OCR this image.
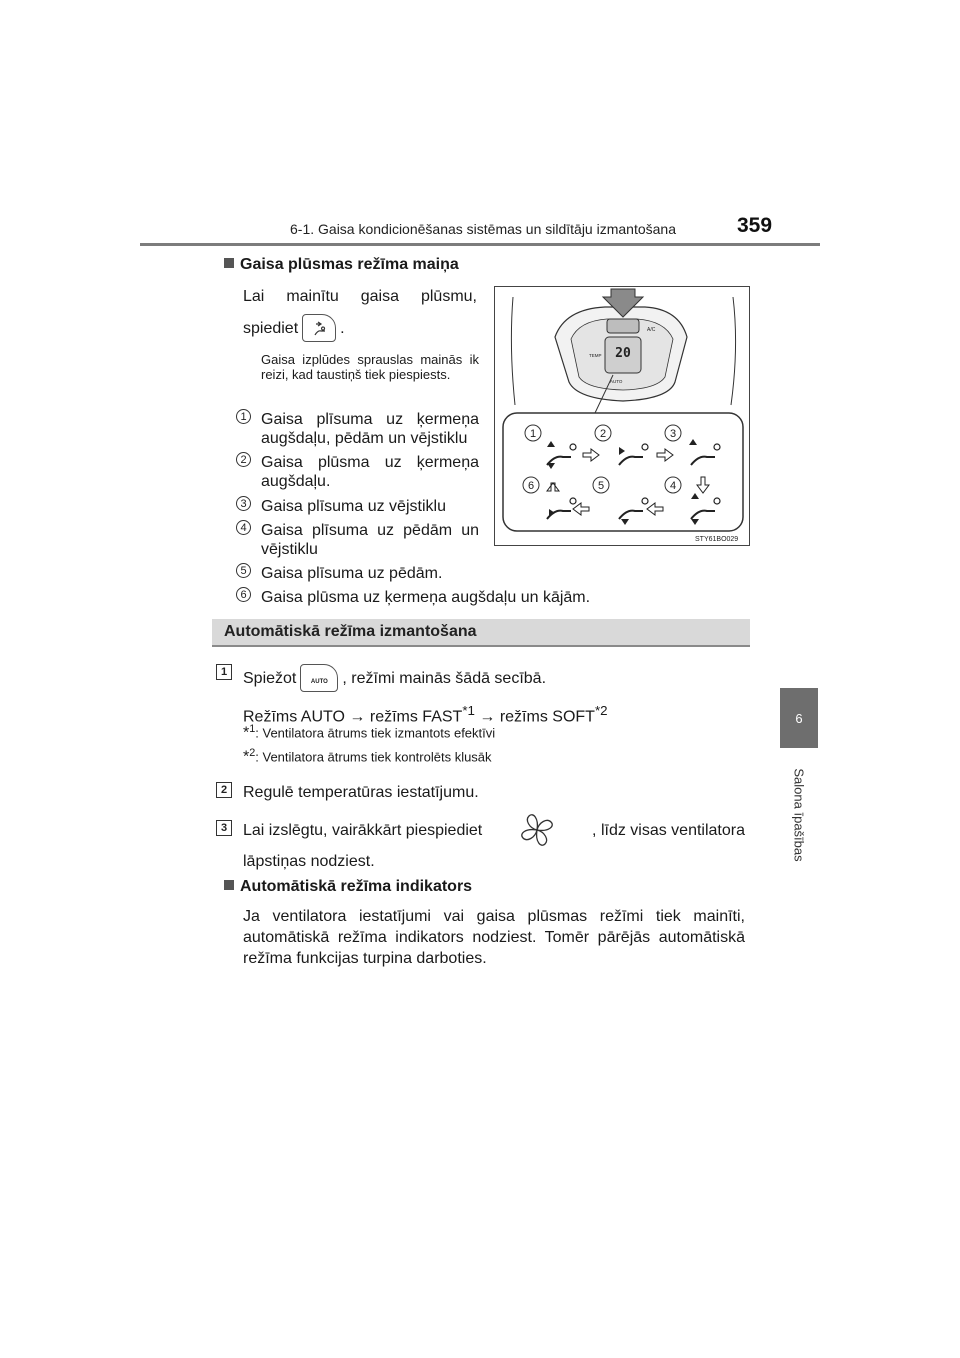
6-1. Gaisa kondicionēšanas sistēmas un sildītāju izmantošana	359
6
Salona īpašības
Gaisa plūsmas režīma maiņa
Lai mainītu gaisa plūsmu,
spiediet	.
Gaisa izplūdes sprauslas mainās ik reizi, kad taustiņš tiek piespiests.
1 Gaisa plīsuma uz ķermeņa augšdaļu, pēdām un vējstiklu
2 Gaisa plūsma uz ķermeņa augšdaļu.
3 Gaisa plīsuma uz vējstiklu
4 Gaisa plīsuma uz pēdām un vējstiklu
5 Gaisa plīsuma uz pēdām.
6 Gaisa plūsma uz ķermeņa augšdaļu un kājām.
20
A/C
TEMP
AUTO
1	2	3
6	5	4
STY61BO029
Automātiskā režīma izmantošana
1 Spiežot	AUTO , režīmi mainās šādā secībā.
Režīms AUTO → režīms $FAST^{*1}$ → režīms SOFT$^{*2}$
*$^1$: Ventilatora ātrums tiek izmantots efektīvi
*$^2$: Ventilatora ātrums tiek kontrolēts klusāk
2 Regulē temperatūras iestatījumu.
3 Lai izslēgtu, vairākkārt piespiediet	, līdz visas ventilatora
lāpstiņas nodziest.
Automātiskā režīma indikators
Ja ventilatora iestatījumi vai gaisa plūsmas režīmi tiek mainīti, automātiskā režīma indikators nodziest. Tomēr pārējās automātiskā režīma funkcijas turpina darboties.
